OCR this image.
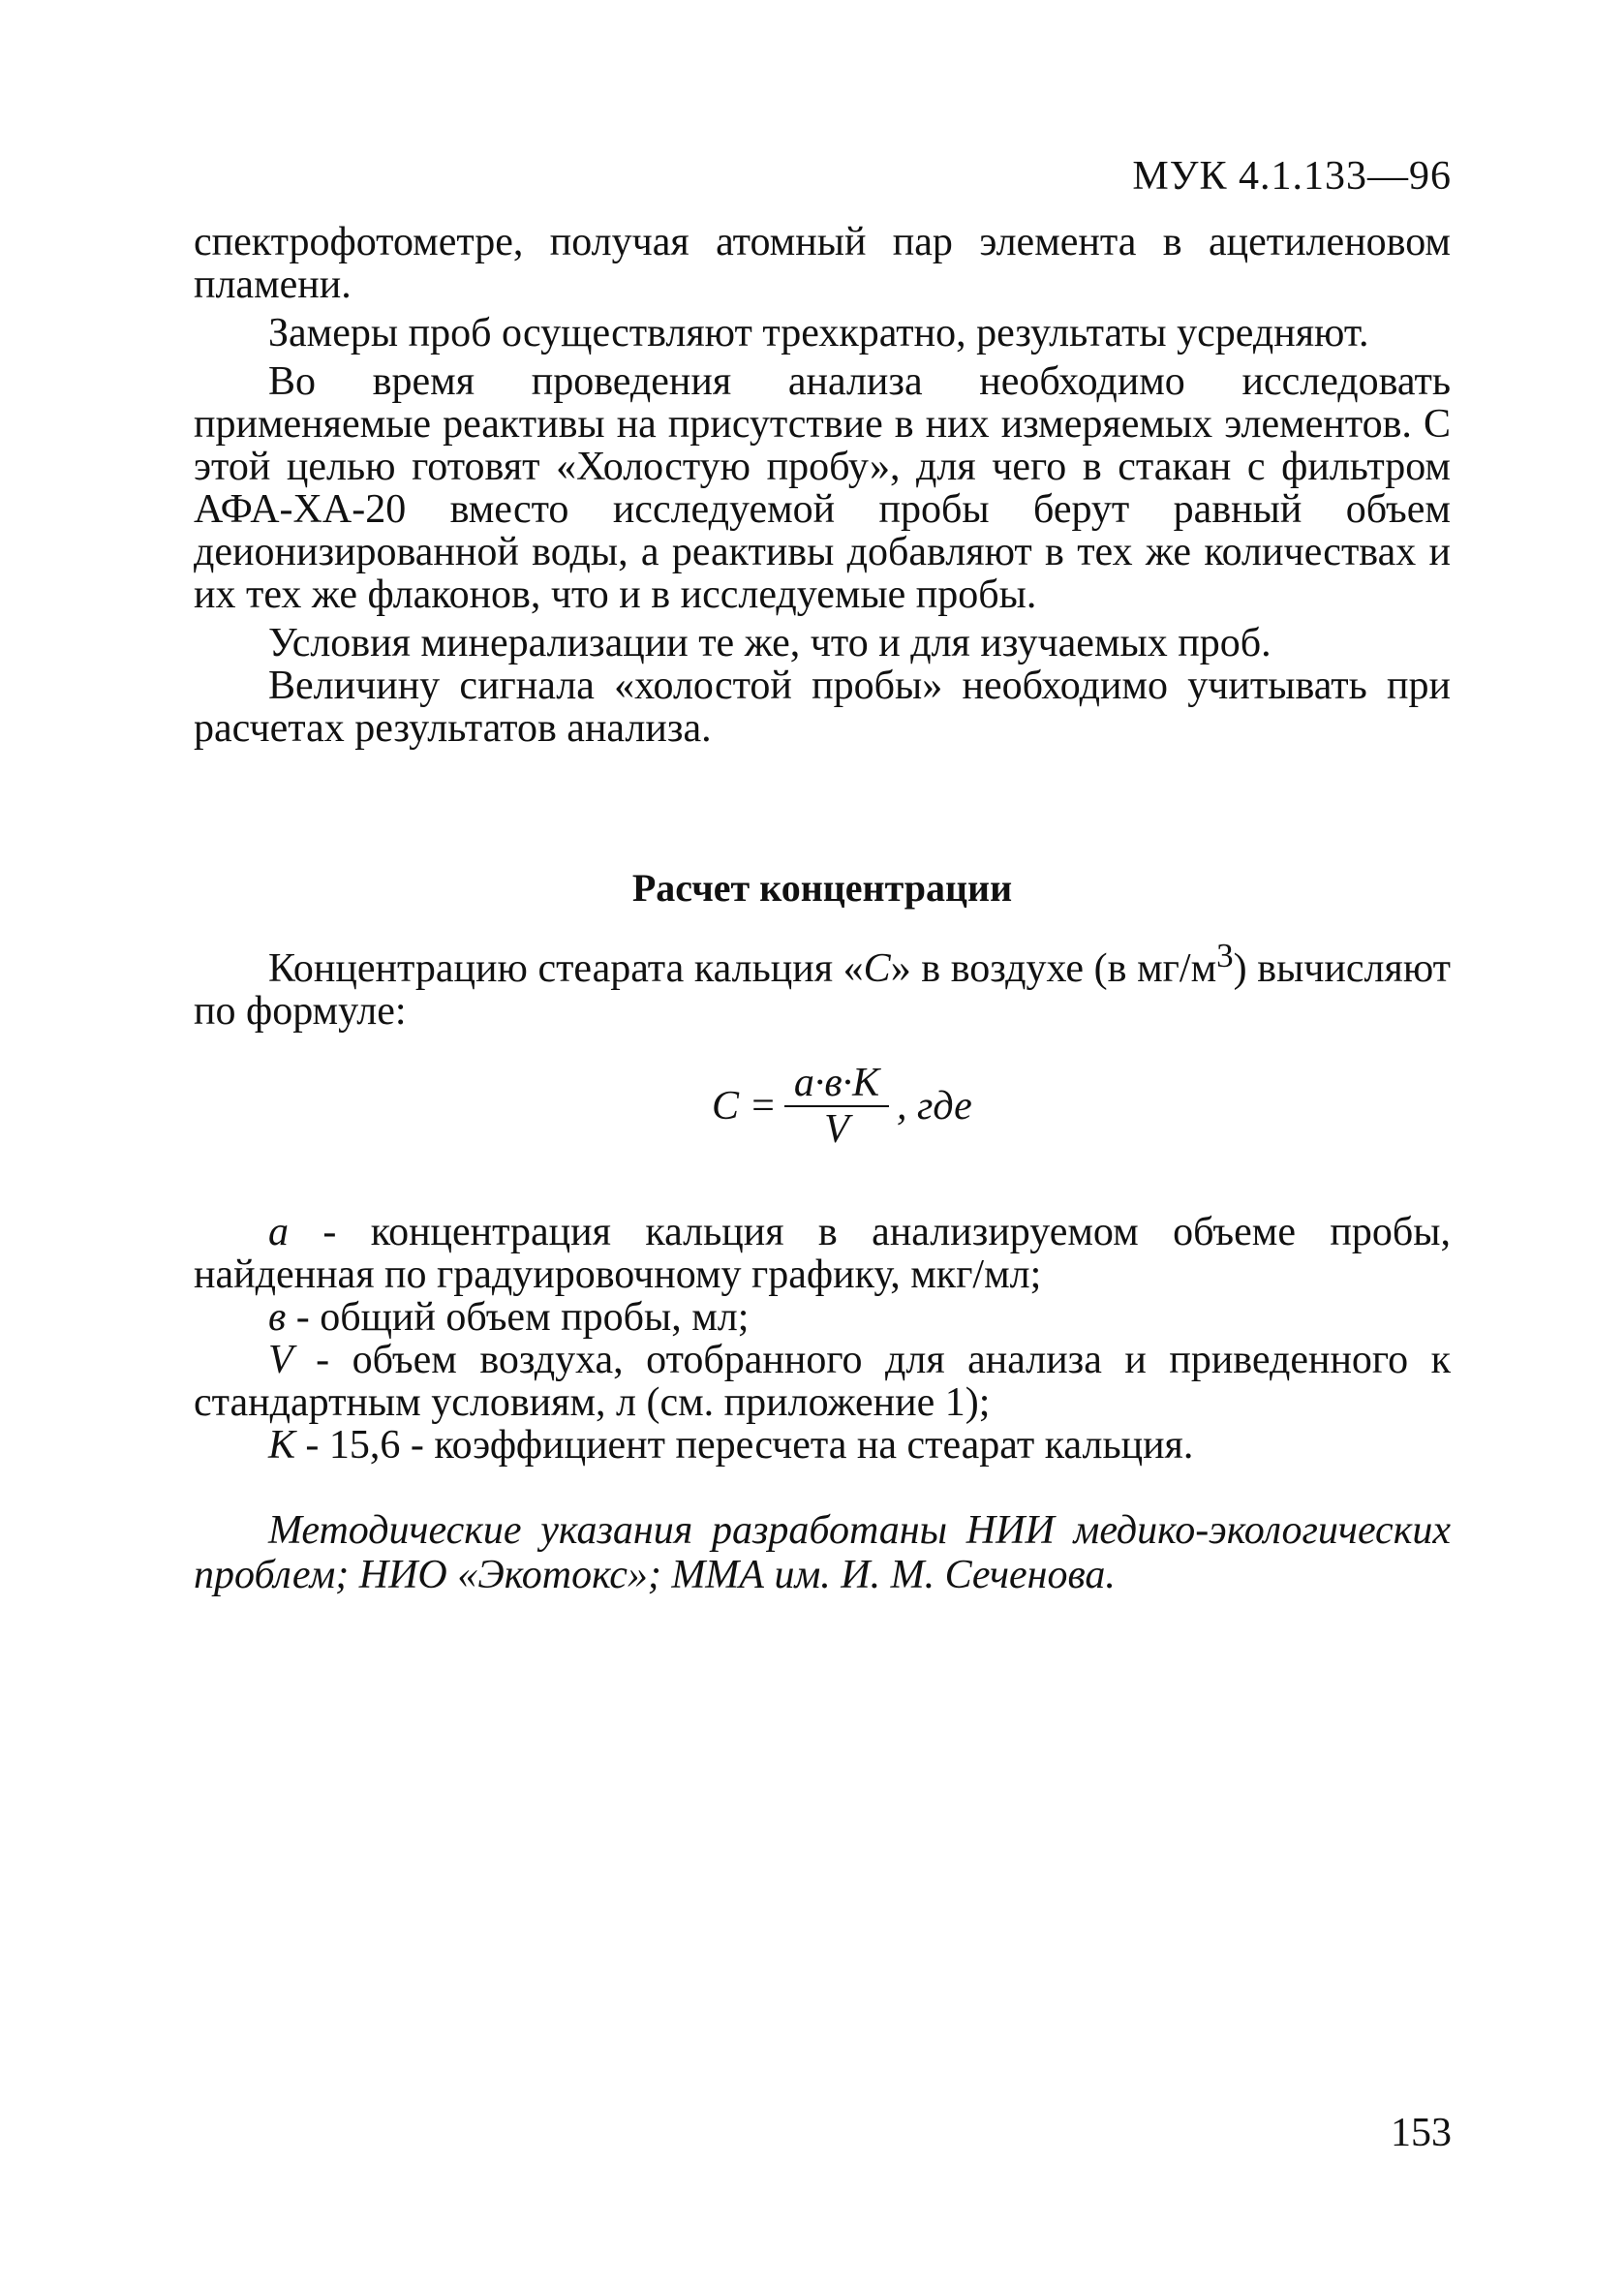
МУК 4.1.133—96

спектрофотометре, получая атомный пар элемента в ацетиленовом пламени.

Замеры проб осуществляют трехкратно, результаты усредняют.

Во время проведения анализа необходимо исследовать применяемые реактивы на присутствие в них измеряемых элементов. С этой целью готовят «Холостую пробу», для чего в стакан с фильтром АФА-ХА-20 вместо исследуемой пробы берут равный объем деионизированной воды, а реактивы добавляют в тех же количествах и их тех же флаконов, что и в исследуемые пробы.

Условия минерализации те же, что и для изучаемых проб.

Величину сигнала «холостой пробы» необходимо учитывать при расчетах результатов анализа.

Расчет концентрации

Концентрацию стеарата кальция «С» в воздухе (в $мг/м^3$) вычисляют по формуле:

$С = \frac{а\cdot в\cdot К}{V}$ , где

а - концентрация кальция в анализируемом объеме пробы, найденная по градуировочному графику, мкг/мл;

в - общий объем пробы, мл;

V - объем воздуха, отобранного для анализа и приведенного к стандартным условиям, л (см. приложение 1);

К - 15,6 - коэффициент пересчета на стеарат кальция.

Методические указания разработаны НИИ медико-экологических проблем; НИО «Экотокс»; ММА им. И. М. Сеченова.

153
